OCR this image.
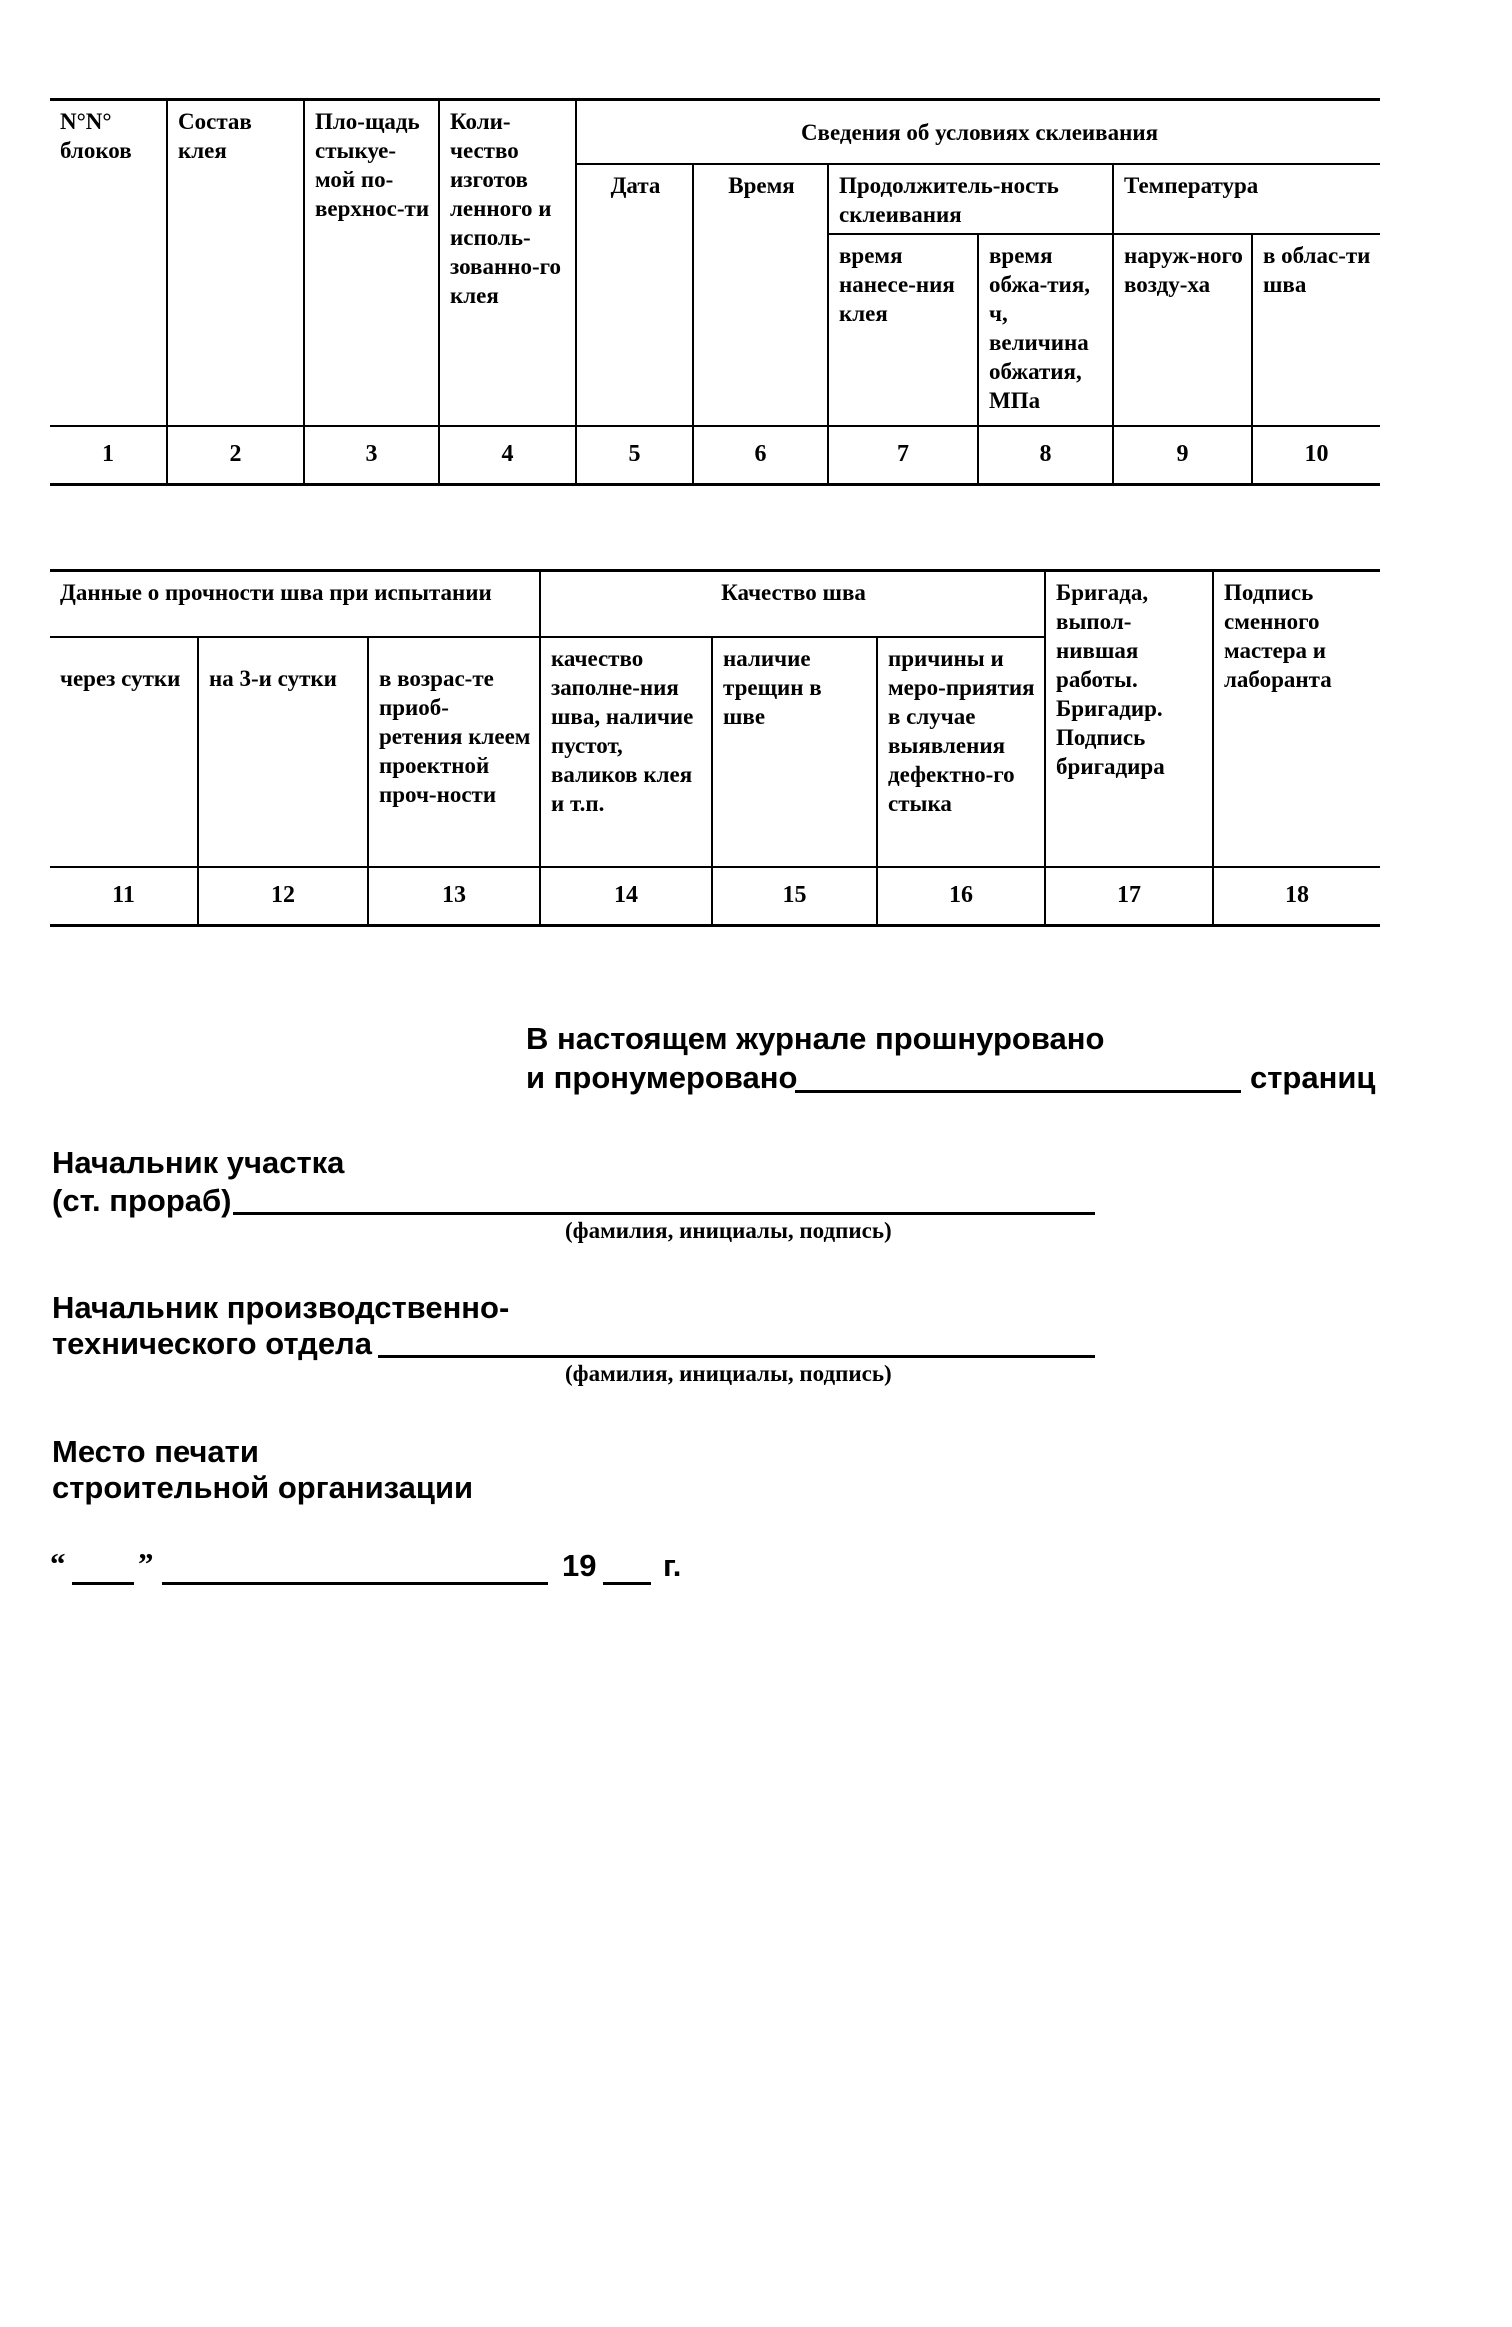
N°N° блоков	Состав клея	Пло-щадь стыкуе-мой по-верхнос-ти	Коли-чество изготов ленного и исполь-зованно-го клея	Сведения об условиях склеивания					
				Дата	Время	Продолжитель-ность склеивания		Температура	
						время нанесе-ния клея	время обжа-тия, ч, величина обжатия, МПа	наруж-ного возду-ха	в облас-ти шва
1	2	3	4	5	6	7	8	9	10
Данные о прочности шва при испытании			Качество шва			Бригада, выпол-нившая работы. Бригадир. Подпись бригадира	Подпись сменного мастера и лаборанта
через сутки	на 3-и сутки	в возрас-те приоб-ретения клеем проектной проч-ности	качество заполне-ния шва, наличие пустот, валиков клея и т.п.	наличие трещин в шве	причины и меро-приятия в случае выявления дефектно-го стыка		
11	12	13	14	15	16	17	18
В настоящем журнале прошнуровано
и пронумеровано	страниц
Начальник участка
(ст. прораб)
(фамилия, инициалы, подпись)
Начальник производственно-
технического отдела
(фамилия, инициалы, подпись)
Место печати
строительной организации
“ ”	19 г.
